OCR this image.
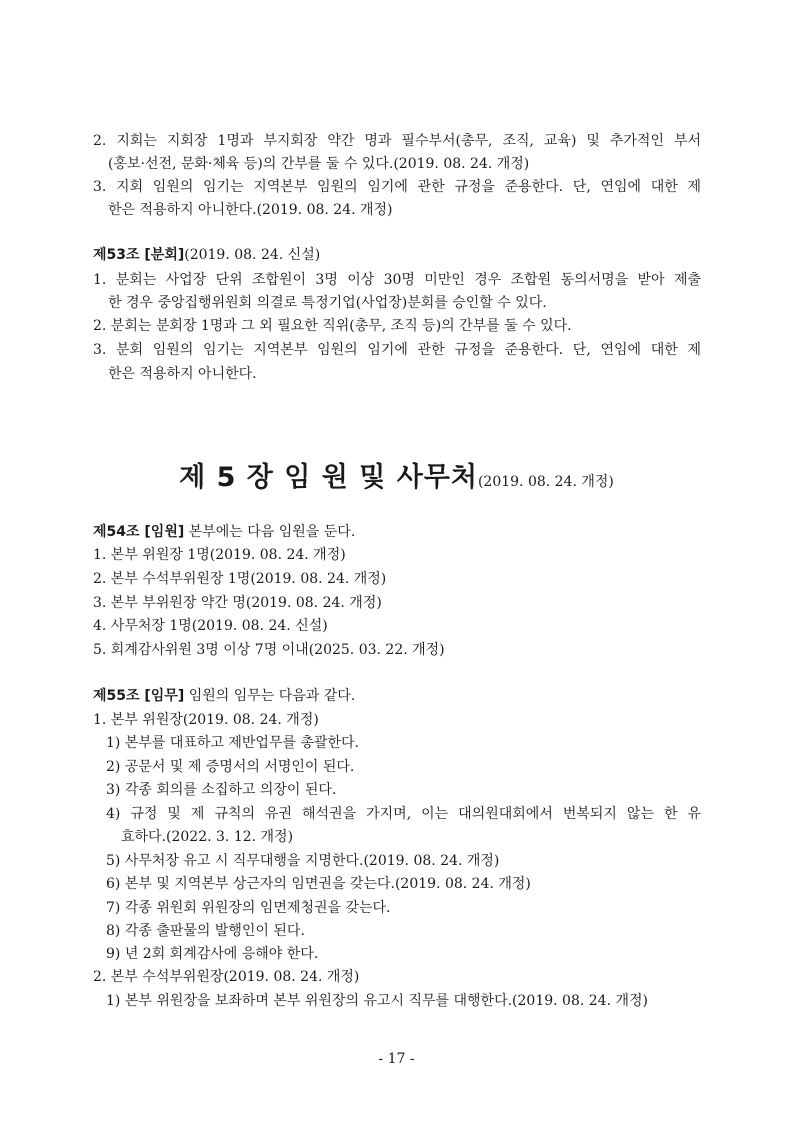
2. 지회는 지회장 1명과 부지회장 약간 명과 필수부서(총무, 조직, 교육) 및 추가적인 부서
(홍보·선전, 문화·체육 등)의 간부를 둘 수 있다.(2019. 08. 24. 개정)
3. 지회 임원의 임기는 지역본부 임원의 임기에 관한 규정을 준용한다. 단, 연임에 대한 제
한은 적용하지 아니한다.(2019. 08. 24. 개정)
제53조 [분회](2019. 08. 24. 신설)
1. 분회는 사업장 단위 조합원이 3명 이상 30명 미만인 경우 조합원 동의서명을 받아 제출
한 경우 중앙집행위원회 의결로 특정기업(사업장)분회를 승인할 수 있다.
2. 분회는 분회장 1명과 그 외 필요한 직위(총무, 조직 등)의 간부를 둘 수 있다.
3. 분회 임원의 임기는 지역본부 임원의 임기에 관한 규정을 준용한다. 단, 연임에 대한 제
한은 적용하지 아니한다.
제 5 장 임 원 및 사무처(2019. 08. 24. 개정)
제54조 [임원] 본부에는 다음 임원을 둔다.
1. 본부 위원장 1명(2019. 08. 24. 개정)
2. 본부 수석부위원장 1명(2019. 08. 24. 개정)
3. 본부 부위원장 약간 명(2019. 08. 24. 개정)
4. 사무처장 1명(2019. 08. 24. 신설)
5. 회계감사위원 3명 이상 7명 이내(2025. 03. 22. 개정)
제55조 [임무] 임원의 임무는 다음과 같다.
1. 본부 위원장(2019. 08. 24. 개정)
1) 본부를 대표하고 제반업무를 총괄한다.
2) 공문서 및 제 증명서의 서명인이 된다.
3) 각종 회의를 소집하고 의장이 된다.
4) 규정 및 제 규칙의 유권 해석권을 가지며, 이는 대의원대회에서 번복되지 않는 한 유
효하다.(2022. 3. 12. 개정)
5) 사무처장 유고 시 직무대행을 지명한다.(2019. 08. 24. 개정)
6) 본부 및 지역본부 상근자의 임면권을 갖는다.(2019. 08. 24. 개정)
7) 각종 위원회 위원장의 임면제청권을 갖는다.
8) 각종 출판물의 발행인이 된다.
9) 년 2회 회계감사에 응해야 한다.
2. 본부 수석부위원장(2019. 08. 24. 개정)
1) 본부 위원장을 보좌하며 본부 위원장의 유고시 직무를 대행한다.(2019. 08. 24. 개정)
- 17 -
